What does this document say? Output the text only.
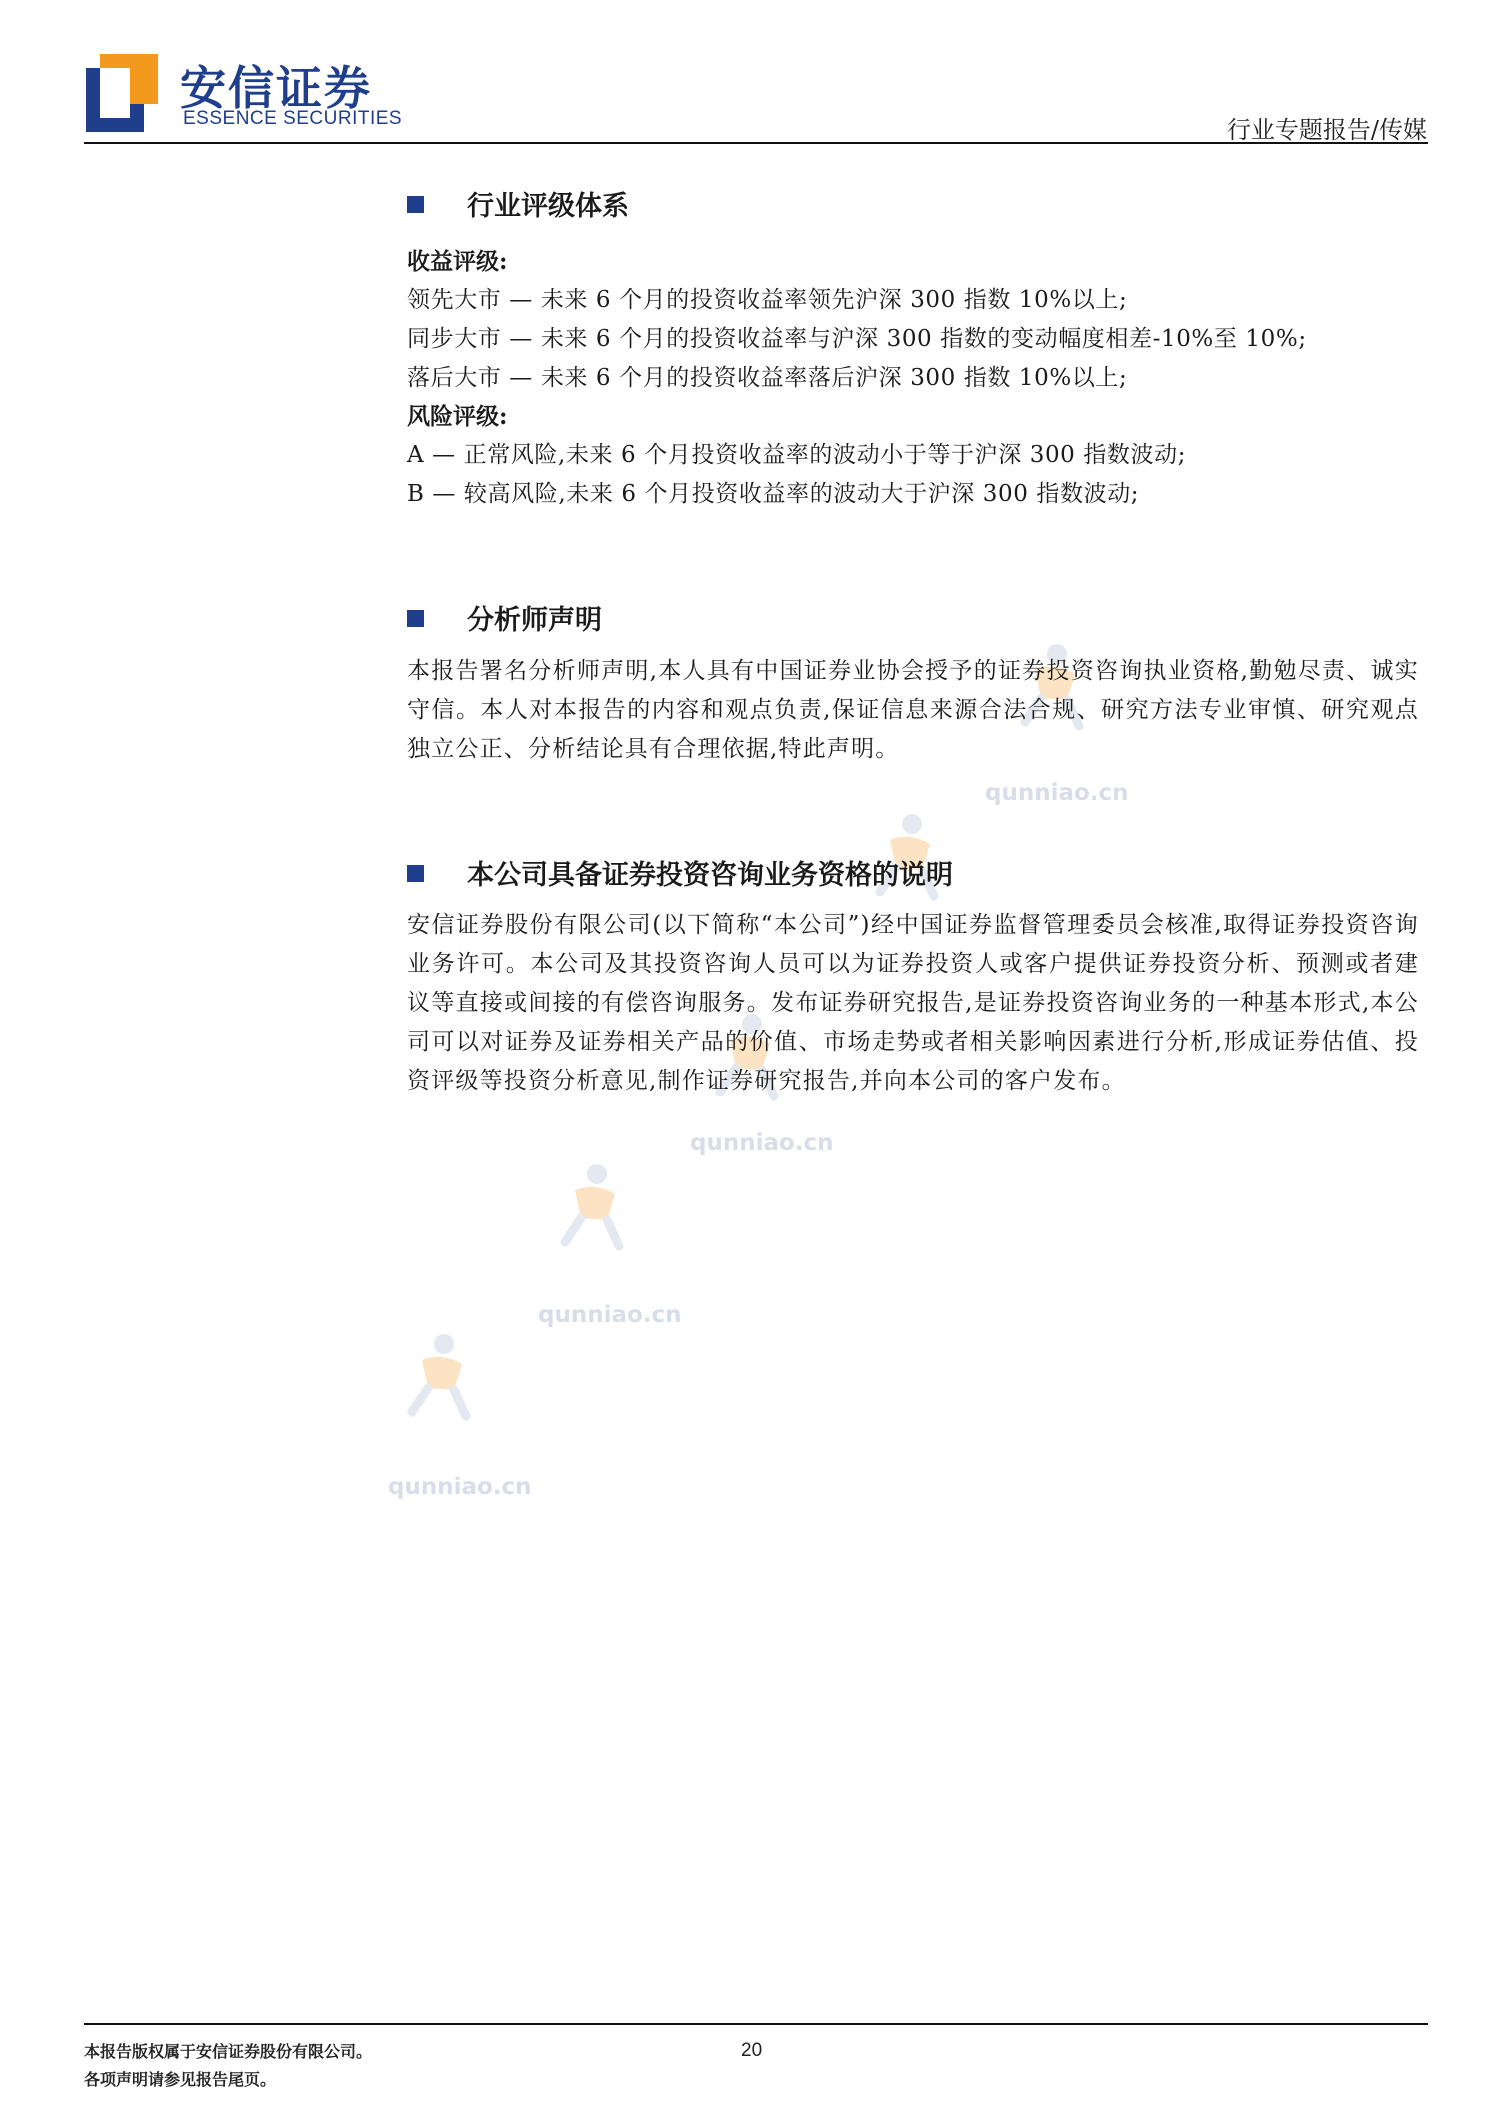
安信证券
ESSENCE SECURITIES	行业专题报告/传媒
qunniao.cn
qunniao.cn
qunniao.cn
qunniao.cn
行业评级体系
收益评级:
领先大市 — 未来 6 个月的投资收益率领先沪深 300 指数 10%以上;
同步大市 — 未来 6 个月的投资收益率与沪深 300 指数的变动幅度相差-10%至 10%;
落后大市 — 未来 6 个月的投资收益率落后沪深 300 指数 10%以上;
风险评级:
A — 正常风险,未来 6 个月投资收益率的波动小于等于沪深 300 指数波动;
B — 较高风险,未来 6 个月投资收益率的波动大于沪深 300 指数波动;
分析师声明
本报告署名分析师声明,本人具有中国证券业协会授予的证券投资咨询执业资格,勤勉尽责、诚实守信。本人对本报告的内容和观点负责,保证信息来源合法合规、研究方法专业审慎、研究观点独立公正、分析结论具有合理依据,特此声明。
本公司具备证券投资咨询业务资格的说明
安信证券股份有限公司(以下简称“本公司”)经中国证券监督管理委员会核准,取得证券投资咨询业务许可。本公司及其投资咨询人员可以为证券投资人或客户提供证券投资分析、预测或者建议等直接或间接的有偿咨询服务。发布证券研究报告,是证券投资咨询业务的一种基本形式,本公司可以对证券及证券相关产品的价值、市场走势或者相关影响因素进行分析,形成证券估值、投资评级等投资分析意见,制作证券研究报告,并向本公司的客户发布。
本报告版权属于安信证券股份有限公司。
各项声明请参见报告尾页。
20
